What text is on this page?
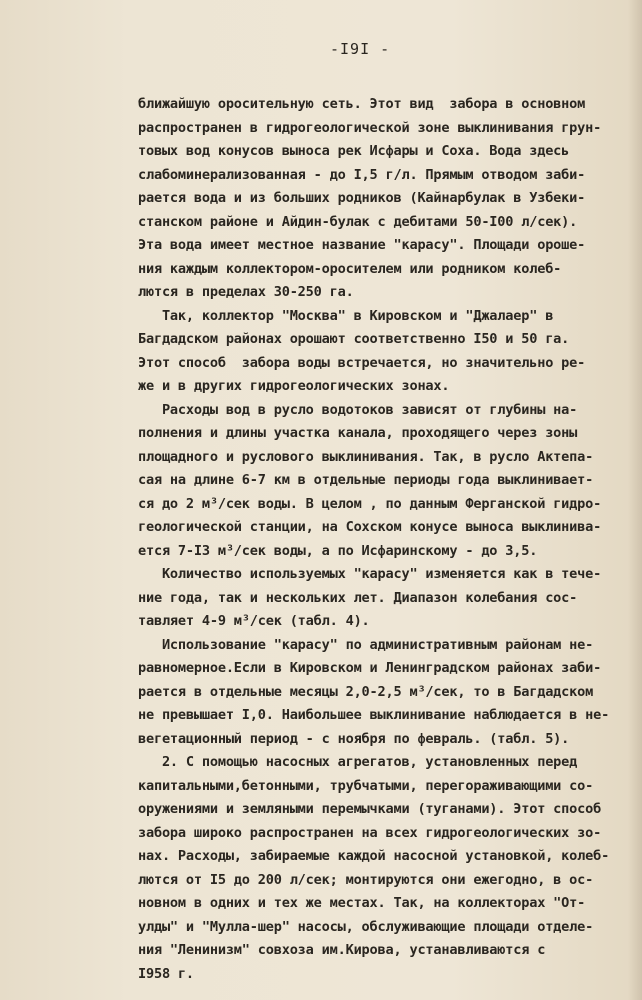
-I9I -
ближайшую оросительную сеть. Этот вид  забора в основном
распространен в гидрогеологической зоне выклинивания грун-
товых вод конусов выноса рек Исфары и Соха. Вода здесь
слабоминерализованная - до I,5 г/л. Прямым отводом заби-
рается вода и из больших родников (Кайнарбулак в Узбеки-
станском районе и Айдин-булак с дебитами 50-I00 л/сек).
Эта вода имеет местное название "карасу". Площади ороше-
ния каждым коллектором-оросителем или родником колеб-
лются в пределах 30-250 га.
Так, коллектор "Москва" в Кировском и "Джалаер" в
Багдадском районах орошают соответственно I50 и 50 га.
Этот способ  забора воды встречается, но значительно ре-
же и в других гидрогеологических зонах.
Расходы вод в русло водотоков зависят от глубины на-
полнения и длины участка канала, проходящего через зоны
площадного и руслового выклинивания. Так, в русло Актепа-
сая на длине 6-7 км в отдельные периоды года выклинивает-
ся до 2 м³/сек воды. В целом , по данным Ферганской гидро-
геологической станции, на Сохском конусе выноса выклинива-
ется 7-I3 м³/сек воды, а по Исфаринскому - до 3,5.
Количество используемых "карасу" изменяется как в тече-
ние года, так и нескольких лет. Диапазон колебания сос-
тавляет 4-9 м³/сек (табл. 4).
Использование "карасу" по административным районам не-
равномерное.Если в Кировском и Ленинградском районах заби-
рается в отдельные месяцы 2,0-2,5 м³/сек, то в Багдадском
не превышает I,0. Наибольшее выклинивание наблюдается в не-
вегетационный период - с ноября по февраль. (табл. 5).
2. С помощью насосных агрегатов, установленных перед
капитальными,бетонными, трубчатыми, перегораживающими со-
оружениями и земляными перемычками (туганами). Этот способ
забора широко распространен на всех гидрогеологических зо-
нах. Расходы, забираемые каждой насосной установкой, колеб-
лются от I5 до 200 л/сек; монтируются они ежегодно, в ос-
новном в одних и тех же местах. Так, на коллекторах "От-
улды" и "Мулла-шер" насосы, обслуживающие площади отделе-
ния "Ленинизм" совхоза им.Кирова, устанавливаются с
I958 г.
